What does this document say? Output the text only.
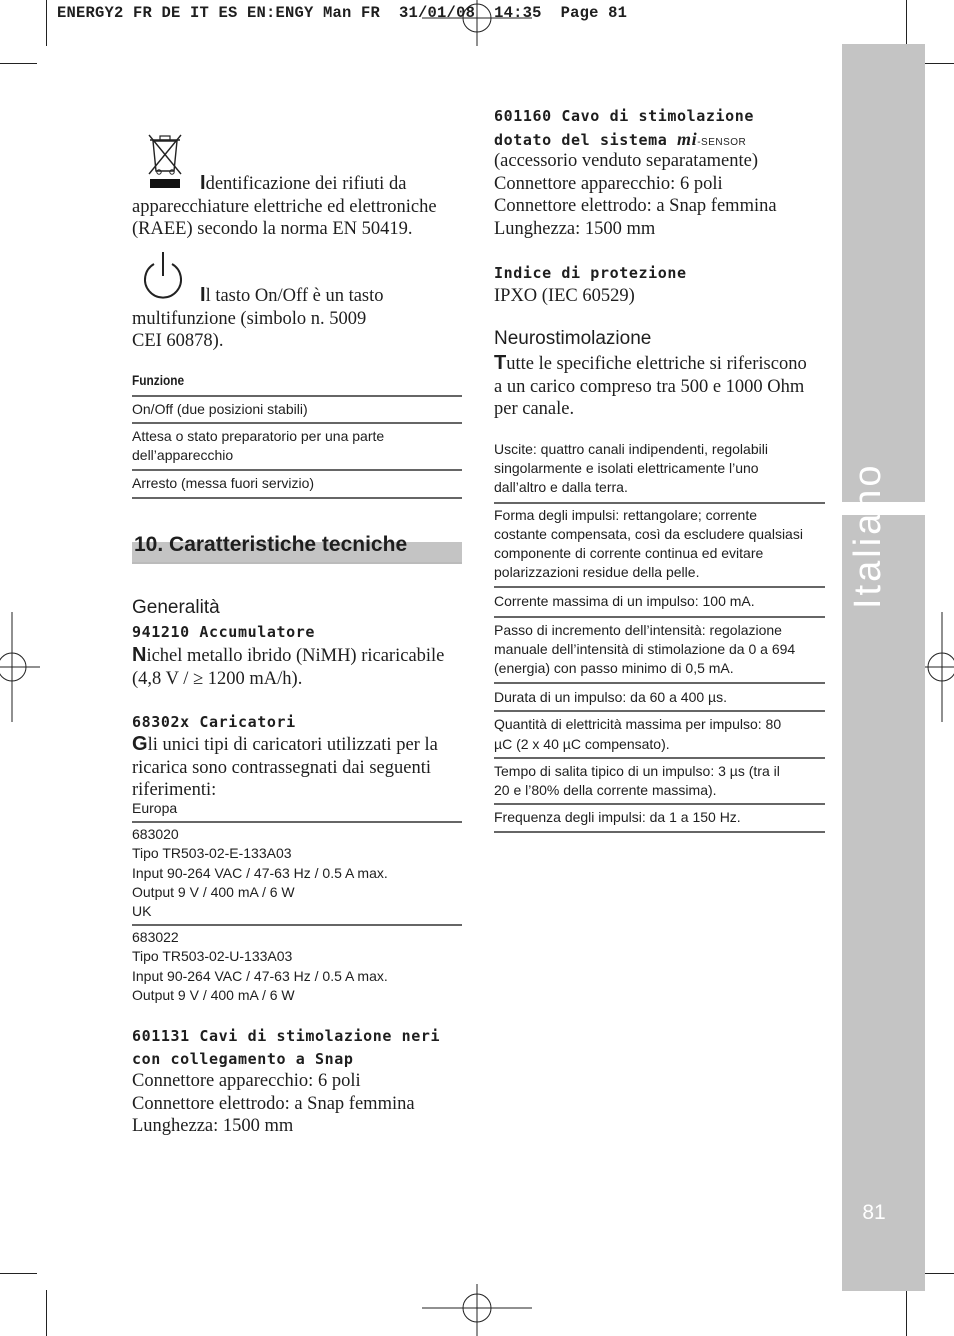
ENERGY2 FR DE IT ES EN:ENGY Man FR  31/01/08  14:35  Page 81
Italiano
81
Identificazione dei rifiuti da
apparecchiature elettriche ed elettroniche
(RAEE) secondo la norma EN 50419.
Il tasto On/Off è un tasto
multifunzione (simbolo n. 5009
CEI 60878).
Funzione
On/Off (due posizioni stabili)
Attesa o stato preparatorio per una parte
dell’apparecchio
Arresto (messa fuori servizio)
10. Caratteristiche tecniche
Generalità
941210 Accumulatore
Nichel metallo ibrido (NiMH) ricaricabile
(4,8 V / ≥ 1200 mA/h).
68302x Caricatori
Gli unici tipi di caricatori utilizzati per la
ricarica sono contrassegnati dai seguenti
riferimenti:
Europa
683020
Tipo TR503-02-E-133A03
Input 90-264 VAC / 47-63 Hz / 0.5 A max.
Output 9 V / 400 mA / 6 W
UK
683022
Tipo TR503-02-U-133A03
Input 90-264 VAC / 47-63 Hz / 0.5 A max.
Output 9 V / 400 mA / 6 W
601131 Cavi di stimolazione neri
con collegamento a Snap
Connettore apparecchio: 6 poli
Connettore elettrodo: a Snap femmina
Lunghezza: 1500 mm
601160 Cavo di stimolazione
dotato del sistema mi-SENSOR
(accessorio venduto separatamente)
Connettore apparecchio: 6 poli
Connettore elettrodo: a Snap femmina
Lunghezza: 1500 mm
Indice di protezione
IPXO (IEC 60529)
Neurostimolazione
Tutte le specifiche elettriche si riferiscono
a un carico compreso tra 500 e 1000 Ohm
per canale.
Uscite: quattro canali indipendenti, regolabili
singolarmente e isolati elettricamente l’uno
dall’altro e dalla terra.
Forma degli impulsi: rettangolare; corrente
costante compensata, così da escludere qualsiasi
componente di corrente continua ed evitare
polarizzazioni residue della pelle.
Corrente massima di un impulso: 100 mA.
Passo di incremento dell’intensità: regolazione
manuale dell’intensità di stimolazione da 0 a 694
(energia) con passo minimo di 0,5 mA.
Durata di un impulso: da 60 a 400 µs.
Quantità di elettricità massima per impulso: 80
µC (2 x 40 µC compensato).
Tempo di salita tipico di un impulso: 3 µs (tra il
20 e l’80% della corrente massima).
Frequenza degli impulsi: da 1 a 150 Hz.
